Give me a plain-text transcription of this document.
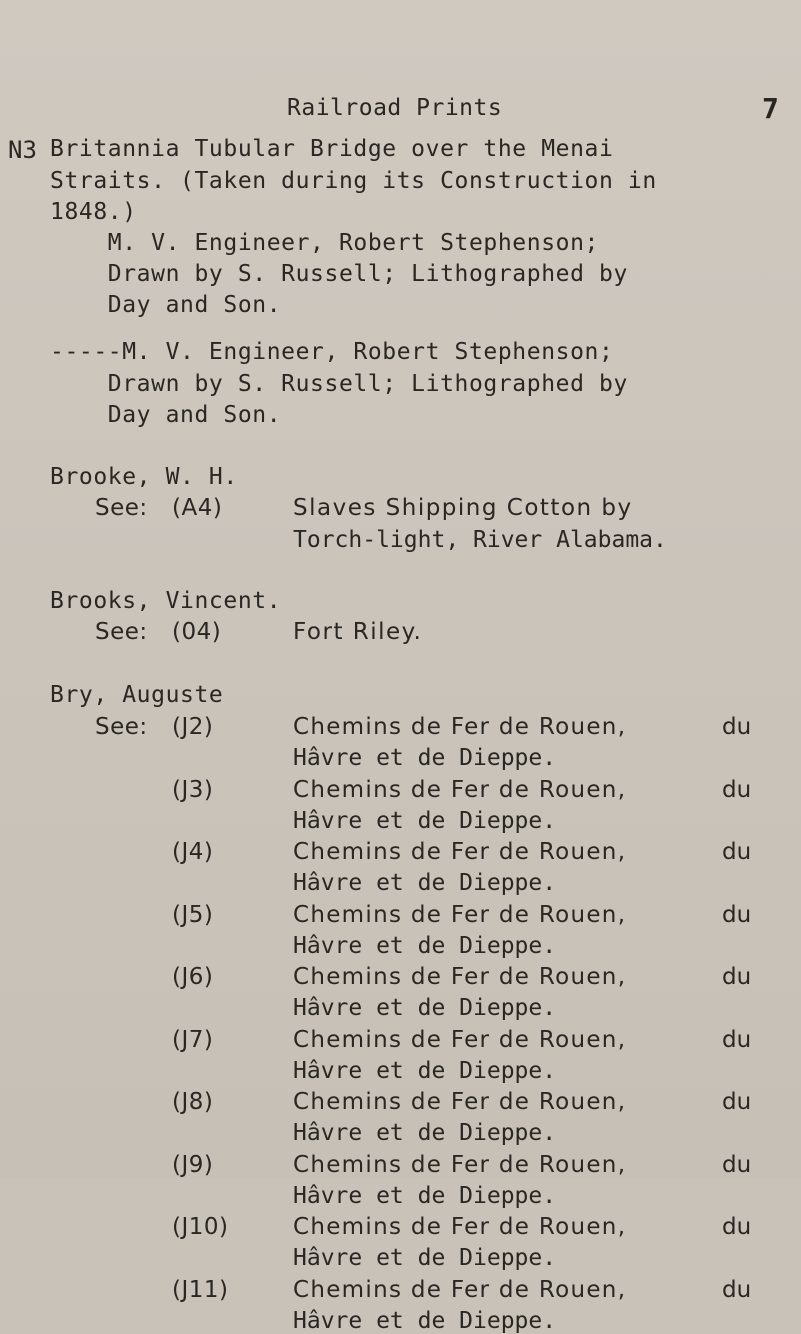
Railroad Prints	7
N3 Britannia Tubular Bridge over the Menai
Straits. (Taken during its Construction in
1848.)
M. V. Engineer, Robert Stephenson;
Drawn by S. Russell; Lithographed by
Day and Son.
-----M. V. Engineer, Robert Stephenson;
Drawn by S. Russell; Lithographed by
Day and Son.
Brooke, W. H.
See: (A4)	Slaves Shipping Cotton by
Torch-light, River Alabama.
Brooks, Vincent.
See: (04)	Fort Riley.
Bry, Auguste
See: (J2)	Chemins de Fer de Rouen,	du
Hâvre et de Dieppe.
(J3)	Chemins de Fer de Rouen,	du
Hâvre et de Dieppe.
(J4)	Chemins de Fer de Rouen,	du
Hâvre et de Dieppe.
(J5)	Chemins de Fer de Rouen,	du
Hâvre et de Dieppe.
(J6)	Chemins de Fer de Rouen,	du
Hâvre et de Dieppe.
(J7)	Chemins de Fer de Rouen,	du
Hâvre et de Dieppe.
(J8)	Chemins de Fer de Rouen,	du
Hâvre et de Dieppe.
(J9)	Chemins de Fer de Rouen,	du
Hâvre et de Dieppe.
(J10)	Chemins de Fer de Rouen,	du
Hâvre et de Dieppe.
(J11)	Chemins de Fer de Rouen,	du
Hâvre et de Dieppe.
